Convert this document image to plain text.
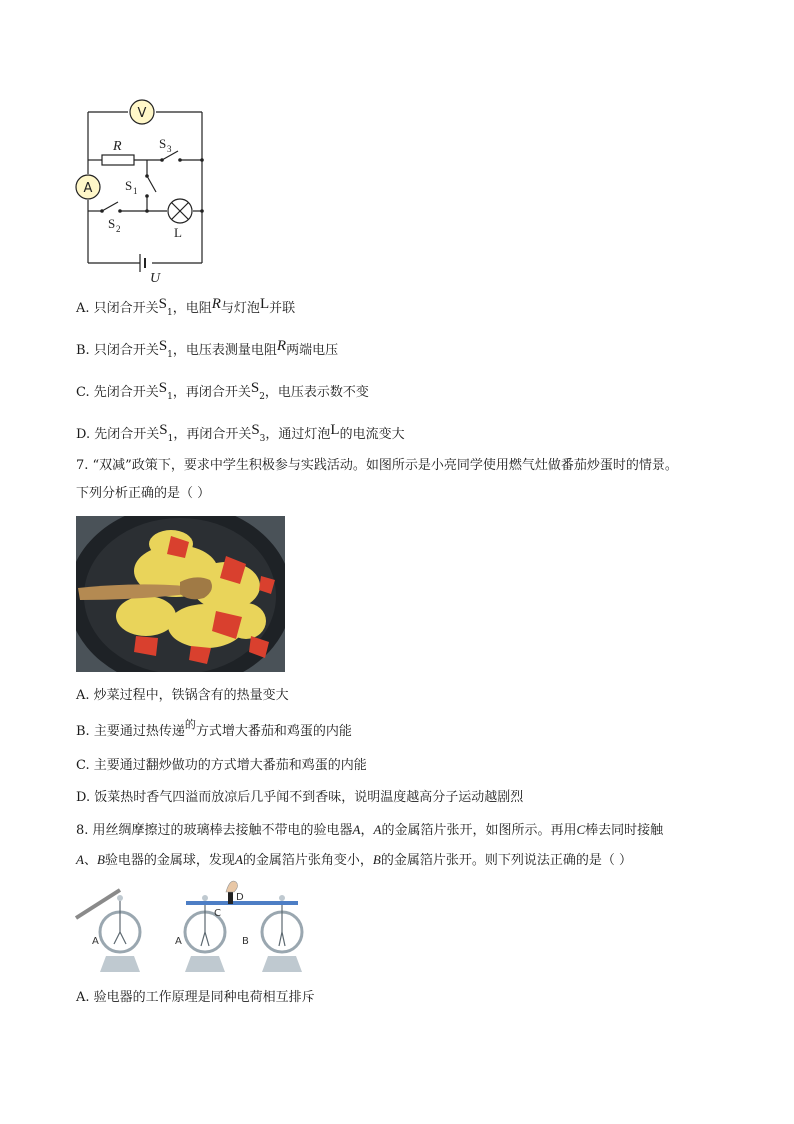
V
A
R	S 3
S 1
S 2	L
U
A. 只闭合开关$S_1$，电阻R与灯泡L并联
B. 只闭合开关$S_1$，电压表测量电阻R两端电压
C. 先闭合开关$S_1$，再闭合开关$S_2$，电压表示数不变
D. 先闭合开关$S_1$，再闭合开关$S_3$，通过灯泡L的电流变大
7. “双减”政策下，要求中学生积极参与实践活动。如图所示是小亮同学使用燃气灶做番茄炒蛋时的情景。
下列分析正确的是（ ）
A. 炒菜过程中，铁锅含有的热量变大
B. 主要通过热传递$^的$方式增大番茄和鸡蛋的内能
C. 主要通过翻炒做功的方式增大番茄和鸡蛋的内能
D. 饭菜热时香气四溢而放凉后几乎闻不到香味，说明温度越高分子运动越剧烈
8. 用丝绸摩擦过的玻璃棒去接触不带电的验电器A，A的金属箔片张开，如图所示。再用C棒去同时接触
A、B验电器的金属球，发现A的金属箔片张角变小，B的金属箔片张开。则下列说法正确的是（ ）
A	A	B
C
D
A. 验电器的工作原理是同种电荷相互排斥
